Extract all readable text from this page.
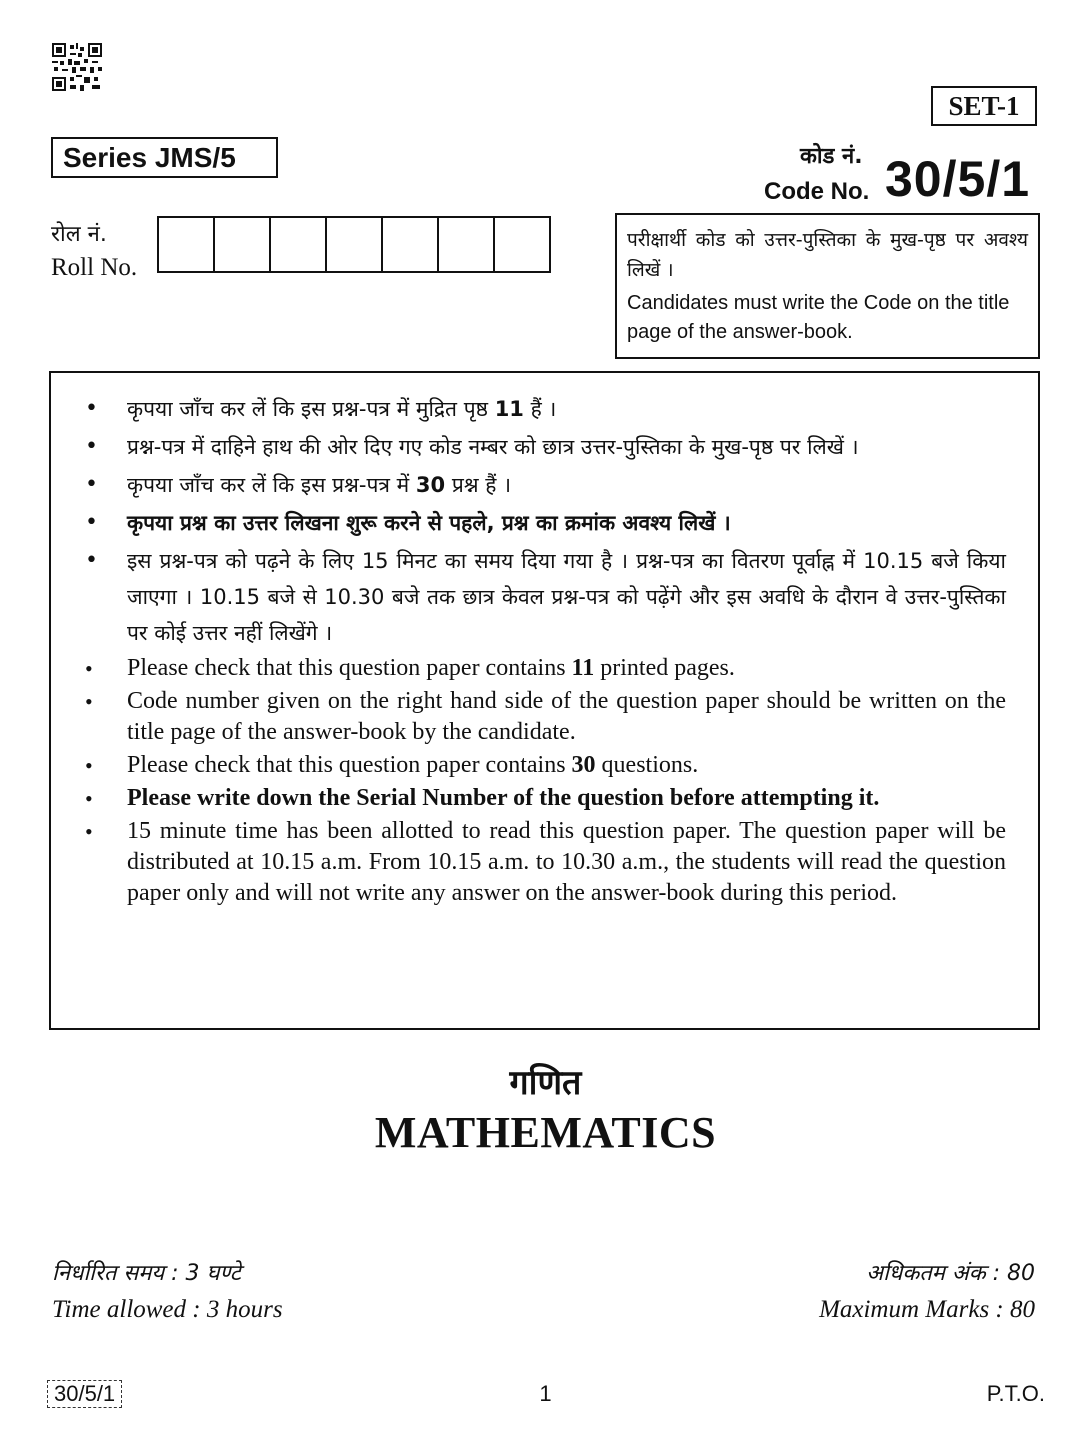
SET-1
Series JMS/5	कोड नं.
Code No. 30/5/1
रोल नं.
Roll No.

परीक्षार्थी कोड को उत्तर-पुस्तिका के मुख-पृष्ठ पर अवश्य लिखें ।

Candidates must write the Code on the title page of the answer-book.

• कृपया जाँच कर लें कि इस प्रश्न-पत्र में मुद्रित पृष्ठ 11 हैं ।
• प्रश्न-पत्र में दाहिने हाथ की ओर दिए गए कोड नम्बर को छात्र उत्तर-पुस्तिका के मुख-पृष्ठ पर लिखें ।
• कृपया जाँच कर लें कि इस प्रश्न-पत्र में 30 प्रश्न हैं ।
• कृपया प्रश्न का उत्तर लिखना शुरू करने से पहले, प्रश्न का क्रमांक अवश्य लिखें ।
• इस प्रश्न-पत्र को पढ़ने के लिए 15 मिनट का समय दिया गया है । प्रश्न-पत्र का वितरण पूर्वाह्न में 10.15 बजे किया जाएगा । 10.15 बजे से 10.30 बजे तक छात्र केवल प्रश्न-पत्र को पढ़ेंगे और इस अवधि के दौरान वे उत्तर-पुस्तिका पर कोई उत्तर नहीं लिखेंगे ।
• Please check that this question paper contains 11 printed pages.
• Code number given on the right hand side of the question paper should be written on the title page of the answer-book by the candidate.
• Please check that this question paper contains 30 questions.
• Please write down the Serial Number of the question before attempting it.
• 15 minute time has been allotted to read this question paper. The question paper will be distributed at 10.15 a.m. From 10.15 a.m. to 10.30 a.m., the students will read the question paper only and will not write any answer on the answer-book during this period.
गणित
MATHEMATICS
निर्धारित समय : 3 घण्टे
Time allowed : 3 hours
अधिकतम अंक : 80
Maximum Marks : 80
30/5/1	1	P.T.O.
